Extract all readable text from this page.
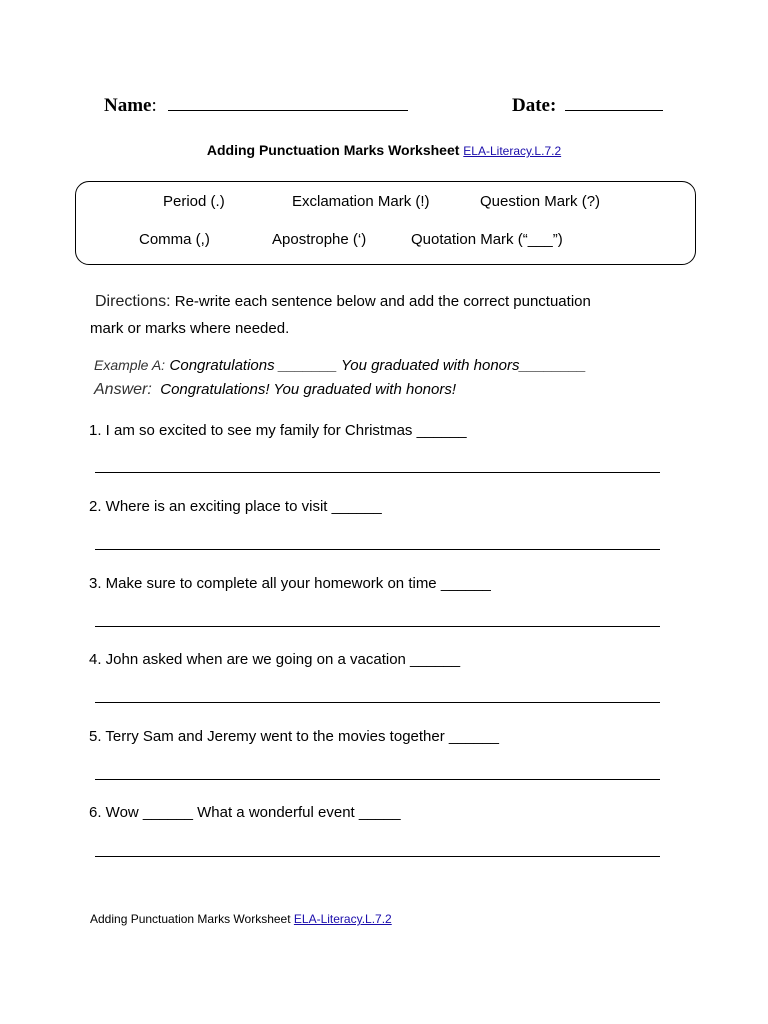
Name:	Date:
Adding Punctuation Marks Worksheet ELA-Literacy.L.7.2
Period (.)	Exclamation Mark (!)	Question Mark (?)
Comma (,)	Apostrophe (‘)	Quotation Mark (“___”)
Directions: Re-write each sentence below and add the correct punctuation
mark or marks where needed.
Example A: Congratulations _______ You graduated with honors________
Answer: Congratulations! You graduated with honors!
1. I am so excited to see my family for Christmas ______
2. Where is an exciting place to visit ______
3. Make sure to complete all your homework on time ______
4. John asked when are we going on a vacation ______
5. Terry Sam and Jeremy went to the movies together ______
6. Wow ______ What a wonderful event _____
Adding Punctuation Marks Worksheet ELA-Literacy.L.7.2
